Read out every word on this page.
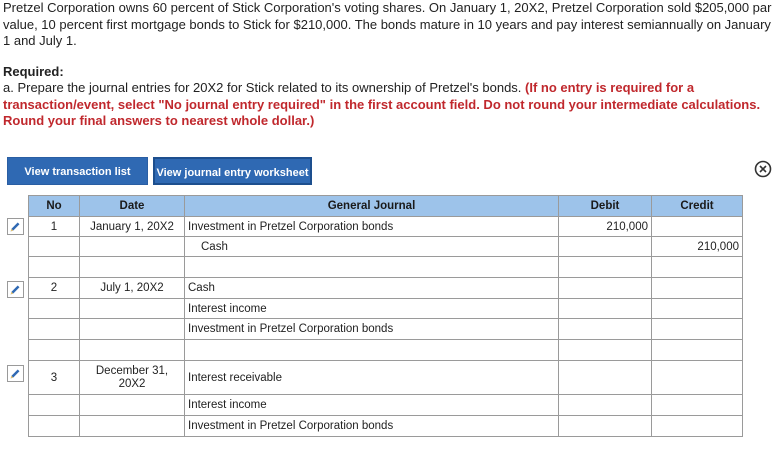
Pretzel Corporation owns 60 percent of Stick Corporation's voting shares. On January 1, 20X2, Pretzel Corporation sold $205,000 par value, 10 percent first mortgage bonds to Stick for $210,000. The bonds mature in 10 years and pay interest semiannually on January 1 and July 1.

Required:

a. Prepare the journal entries for 20X2 for Stick related to its ownership of Pretzel's bonds. (If no entry is required for a transaction/event, select "No journal entry required" in the first account field. Do not round your intermediate calculations. Round your final answers to nearest whole dollar.)

View transaction list	View journal entry worksheet
No	Date	General Journal	Debit	Credit
1	January 1, 20X2	Investment in Pretzel Corporation bonds	210,000	
		Cash		210,000

2	July 1, 20X2	Cash		
		Interest income		
		Investment in Pretzel Corporation bonds		

3	December 31, 20X2	Interest receivable		
		Interest income		
		Investment in Pretzel Corporation bonds		
